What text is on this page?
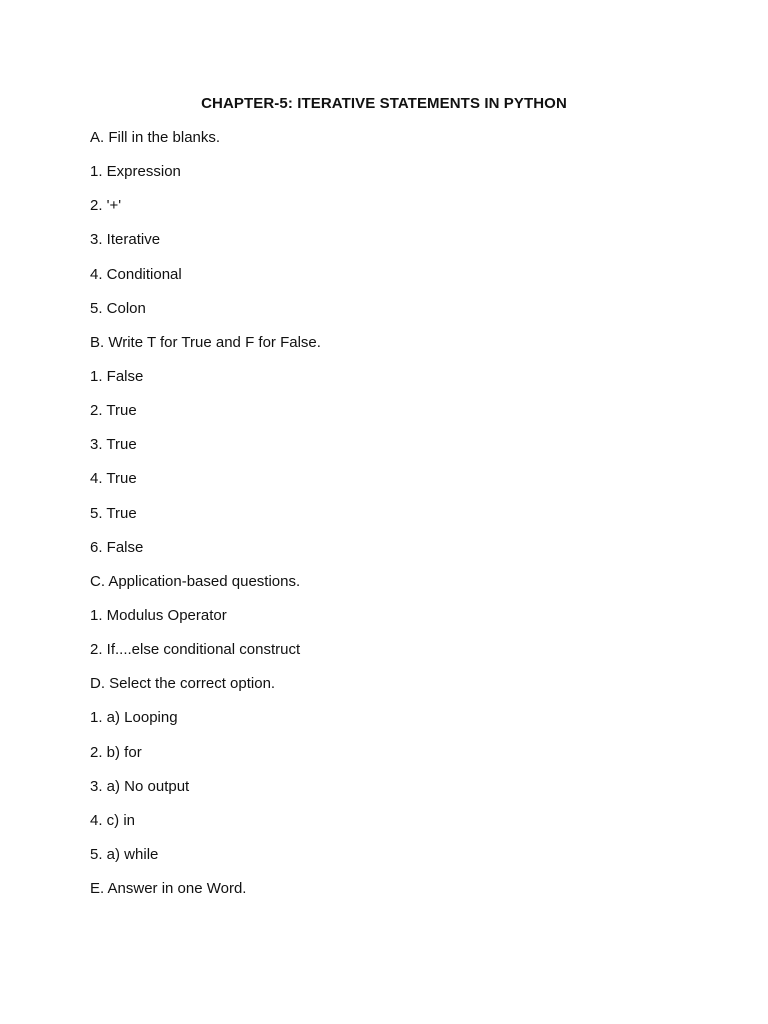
CHAPTER-5: ITERATIVE STATEMENTS IN PYTHON
A. Fill in the blanks.
1. Expression
2. '+'
3. Iterative
4. Conditional
5. Colon
B. Write T for True and F for False.
1. False
2. True
3. True
4. True
5. True
6. False
C. Application-based questions.
1. Modulus Operator
2. If....else conditional construct
D. Select the correct option.
1. a) Looping
2. b) for
3. a) No output
4. c) in
5. a) while
E. Answer in one Word.
